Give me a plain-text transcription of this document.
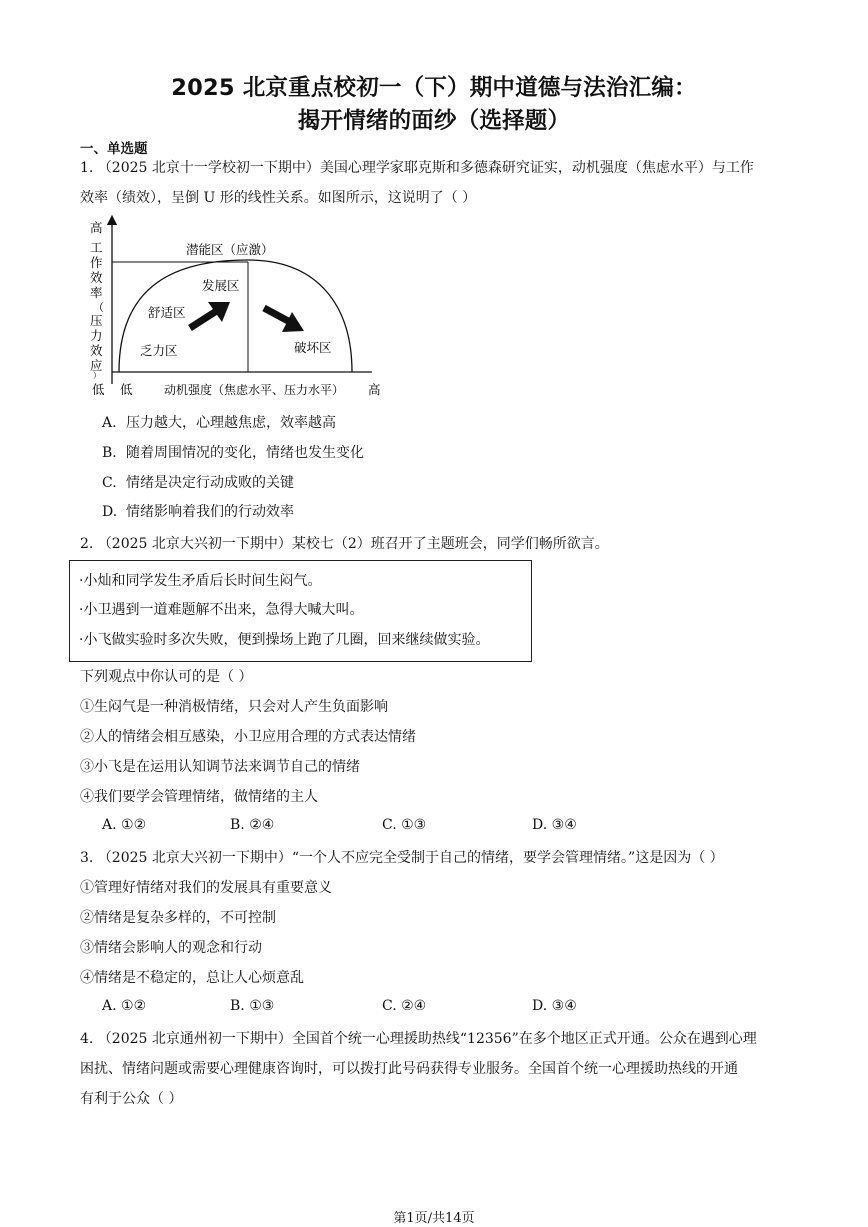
2025 北京重点校初一（下）期中道德与法治汇编：
揭开情绪的面纱（选择题）
一、单选题
1. （2025 北京十一学校初一下期中）美国心理学家耶克斯和多德森研究证实，动机强度（焦虑水平）与工作
效率（绩效），呈倒 U 形的线性关系。如图所示，这说明了（ ）
高
工
作
效
率
（
压
力
效
应
）
低 低	动机强度（焦虑水平、压力水平） 高
潜能区（应激）
发展区
舒适区
乏力区	破坏区
A. 压力越大，心理越焦虑，效率越高
B. 随着周围情况的变化，情绪也发生变化
C. 情绪是决定行动成败的关键
D. 情绪影响着我们的行动效率
2. （2025 北京大兴初一下期中）某校七（2）班召开了主题班会，同学们畅所欲言。
·小灿和同学发生矛盾后长时间生闷气。
·小卫遇到一道难题解不出来，急得大喊大叫。
·小飞做实验时多次失败，便到操场上跑了几圈，回来继续做实验。
下列观点中你认可的是（ ）
①生闷气是一种消极情绪，只会对人产生负面影响
②人的情绪会相互感染，小卫应用合理的方式表达情绪
③小飞是在运用认知调节法来调节自己的情绪
④我们要学会管理情绪，做情绪的主人
A. ①②	B. ②④	C. ①③	D. ③④
3. （2025 北京大兴初一下期中）“一个人不应完全受制于自己的情绪，要学会管理情绪。”这是因为（ ）
①管理好情绪对我们的发展具有重要意义
②情绪是复杂多样的，不可控制
③情绪会影响人的观念和行动
④情绪是不稳定的，总让人心烦意乱
A. ①②	B. ①③	C. ②④	D. ③④
4. （2025 北京通州初一下期中）全国首个统一心理援助热线“12356”在多个地区正式开通。公众在遇到心理
困扰、情绪问题或需要心理健康咨询时，可以拨打此号码获得专业服务。全国首个统一心理援助热线的开通
有利于公众（ ）
第1页/共14页
